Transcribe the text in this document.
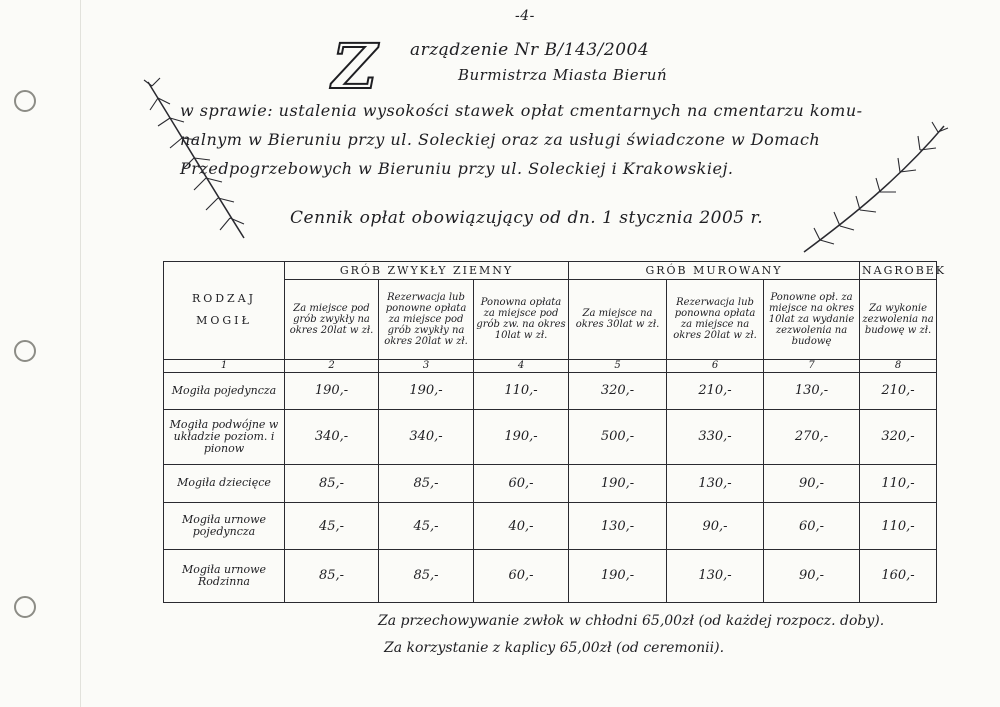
-4-
Z arządzenie Nr B/143/2004
Burmistrza Miasta Bieruń
w sprawie: ustalenia wysokości stawek opłat cmentarnych na cmentarzu komu-
nalnym w Bieruniu przy ul. Soleckiej oraz za usługi świadczone w Domach
Przedpogrzebowych w Bieruniu przy ul. Soleckiej i Krakowskiej.
Cennik opłat obowiązujący od dn. 1 stycznia 2005 r.
RODZAJ MOGIŁ	GRÓB ZWYKŁY ZIEMNY			GRÓB MUROWANY			NAGROBEK
	Za miejsce pod grób zwykły na okres 20lat w zł.	Rezerwacja lub ponowne opłata za miejsce pod grób zwykły na okres 20lat w zł.	Ponowna opłata za miejsce pod grób zw. na okres 10lat w zł.	Za miejsce na okres 30lat w zł.	Rezerwacja lub ponowna opłata za miejsce na okres 20lat w zł.	Ponowne opł. za miejsce na okres 10lat za wydanie zezwolenia na budowę	Za wykonie zezwolenia na budowę w zł.
1	2	3	4	5	6	7	8
Mogiła pojedyncza	190,-	190,-	110,-	320,-	210,-	130,-	210,-
Mogiła podwójne w układzie poziom. i pionow	340,-	340,-	190,-	500,-	330,-	270,-	320,-
Mogiła dziecięce	85,-	85,-	60,-	190,-	130,-	90,-	110,-
Mogiła urnowe pojedyncza	45,-	45,-	40,-	130,-	90,-	60,-	110,-
Mogiła urnowe Rodzinna	85,-	85,-	60,-	190,-	130,-	90,-	160,-
Za przechowywanie zwłok w chłodni 65,00zł (od każdej rozpocz. doby).
Za korzystanie z kaplicy 65,00zł (od ceremonii).
